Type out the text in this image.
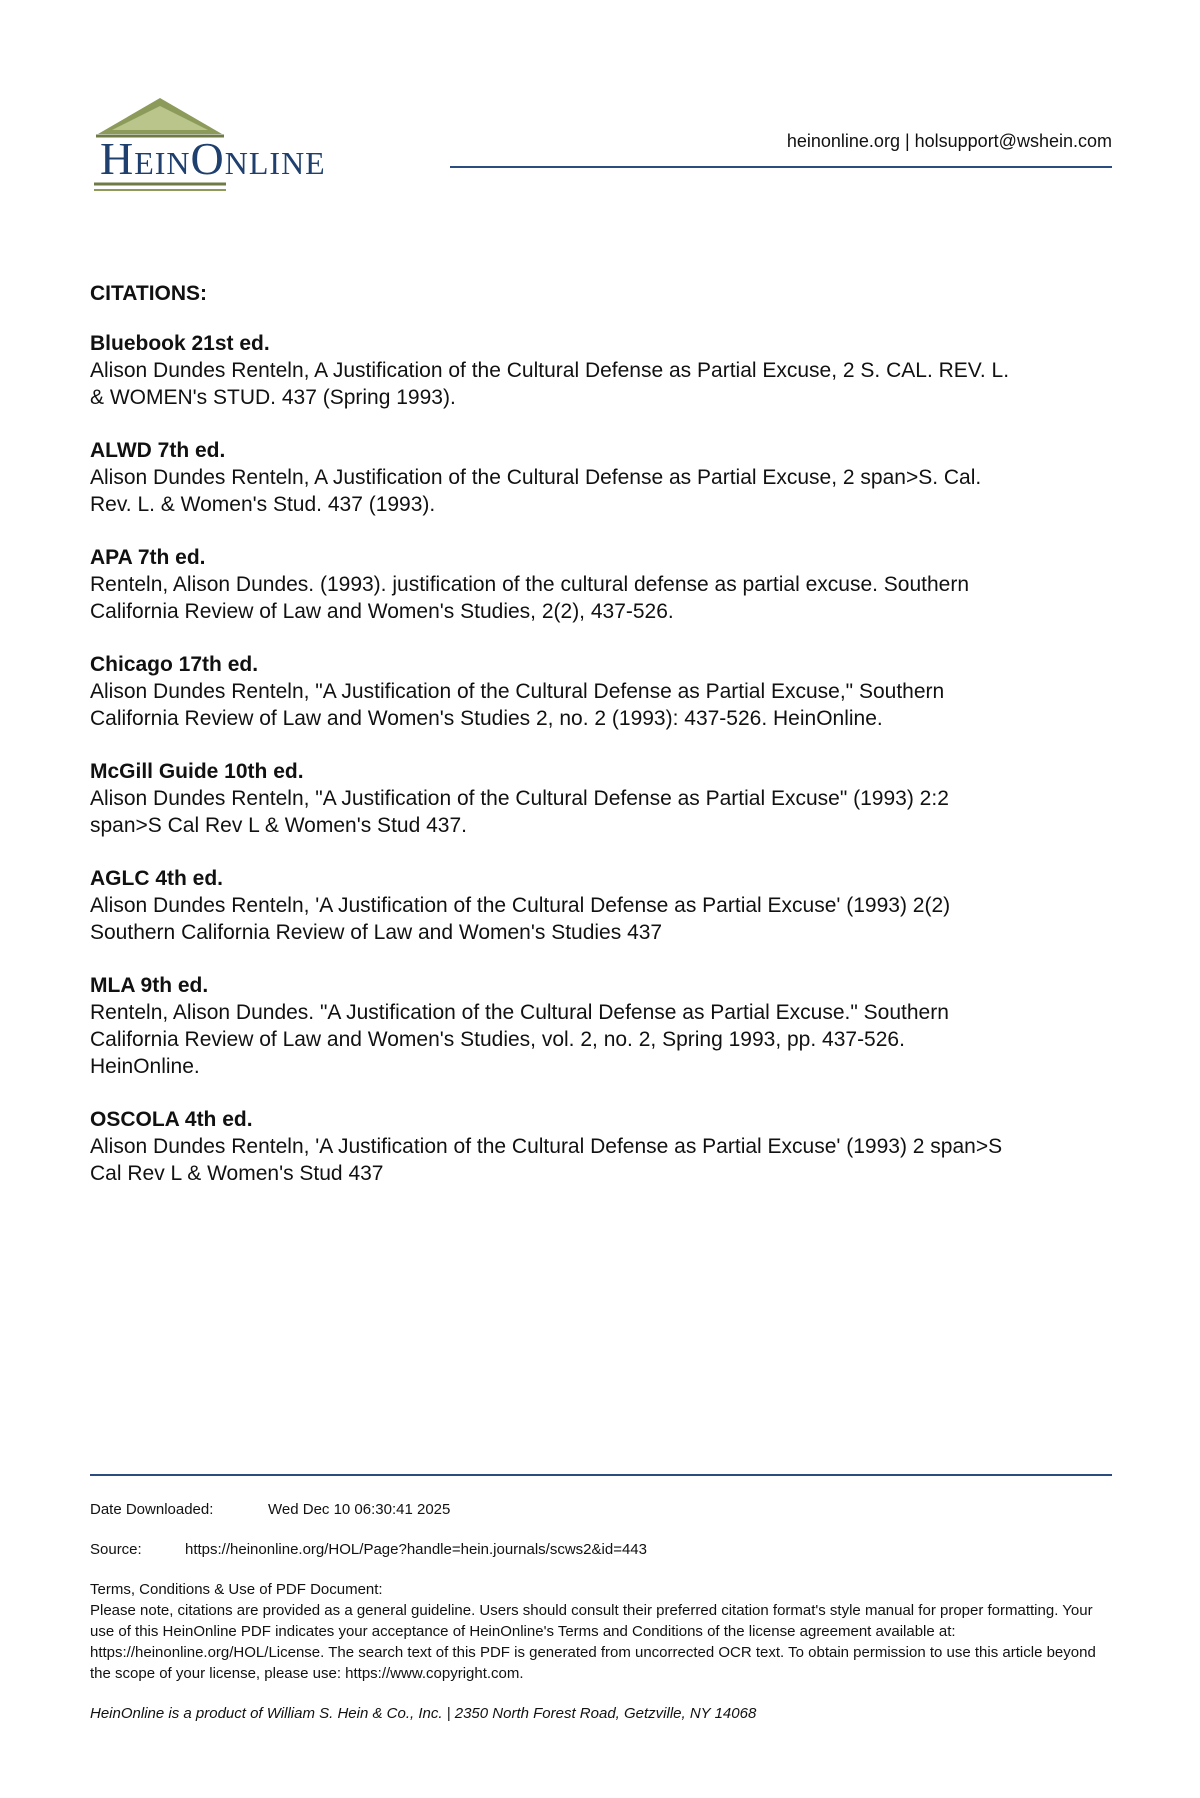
HeinOnline	heinonline.org | holsupport@wshein.com
CITATIONS:
Bluebook 21st ed.
Alison Dundes Renteln, A Justification of the Cultural Defense as Partial Excuse, 2 S. CAL. REV. L. & WOMEN's STUD. 437 (Spring 1993).
ALWD 7th ed.
Alison Dundes Renteln, A Justification of the Cultural Defense as Partial Excuse, 2 span>S. Cal. Rev. L. & Women's Stud. 437 (1993).
APA 7th ed.
Renteln, Alison Dundes. (1993). justification of the cultural defense as partial excuse. Southern California Review of Law and Women's Studies, 2(2), 437-526.
Chicago 17th ed.
Alison Dundes Renteln, "A Justification of the Cultural Defense as Partial Excuse," Southern California Review of Law and Women's Studies 2, no. 2 (1993): 437-526. HeinOnline.
McGill Guide 10th ed.
Alison Dundes Renteln, "A Justification of the Cultural Defense as Partial Excuse" (1993) 2:2 span>S Cal Rev L & Women's Stud 437.
AGLC 4th ed.
Alison Dundes Renteln, 'A Justification of the Cultural Defense as Partial Excuse' (1993) 2(2) Southern California Review of Law and Women's Studies 437
MLA 9th ed.
Renteln, Alison Dundes. "A Justification of the Cultural Defense as Partial Excuse." Southern California Review of Law and Women's Studies, vol. 2, no. 2, Spring 1993, pp. 437-526. HeinOnline.
OSCOLA 4th ed.
Alison Dundes Renteln, 'A Justification of the Cultural Defense as Partial Excuse' (1993) 2 span>S Cal Rev L & Women's Stud 437
Date Downloaded:	Wed Dec 10 06:30:41 2025
Source:	https://heinonline.org/HOL/Page?handle=hein.journals/scws2&id=443
Terms, Conditions & Use of PDF Document:
Please note, citations are provided as a general guideline. Users should consult their preferred citation format's style manual for proper formatting. Your use of this HeinOnline PDF indicates your acceptance of HeinOnline's Terms and Conditions of the license agreement available at: https://heinonline.org/HOL/License. The search text of this PDF is generated from uncorrected OCR text. To obtain permission to use this article beyond the scope of your license, please use: https://www.copyright.com.
HeinOnline is a product of William S. Hein & Co., Inc. | 2350 North Forest Road, Getzville, NY 14068
